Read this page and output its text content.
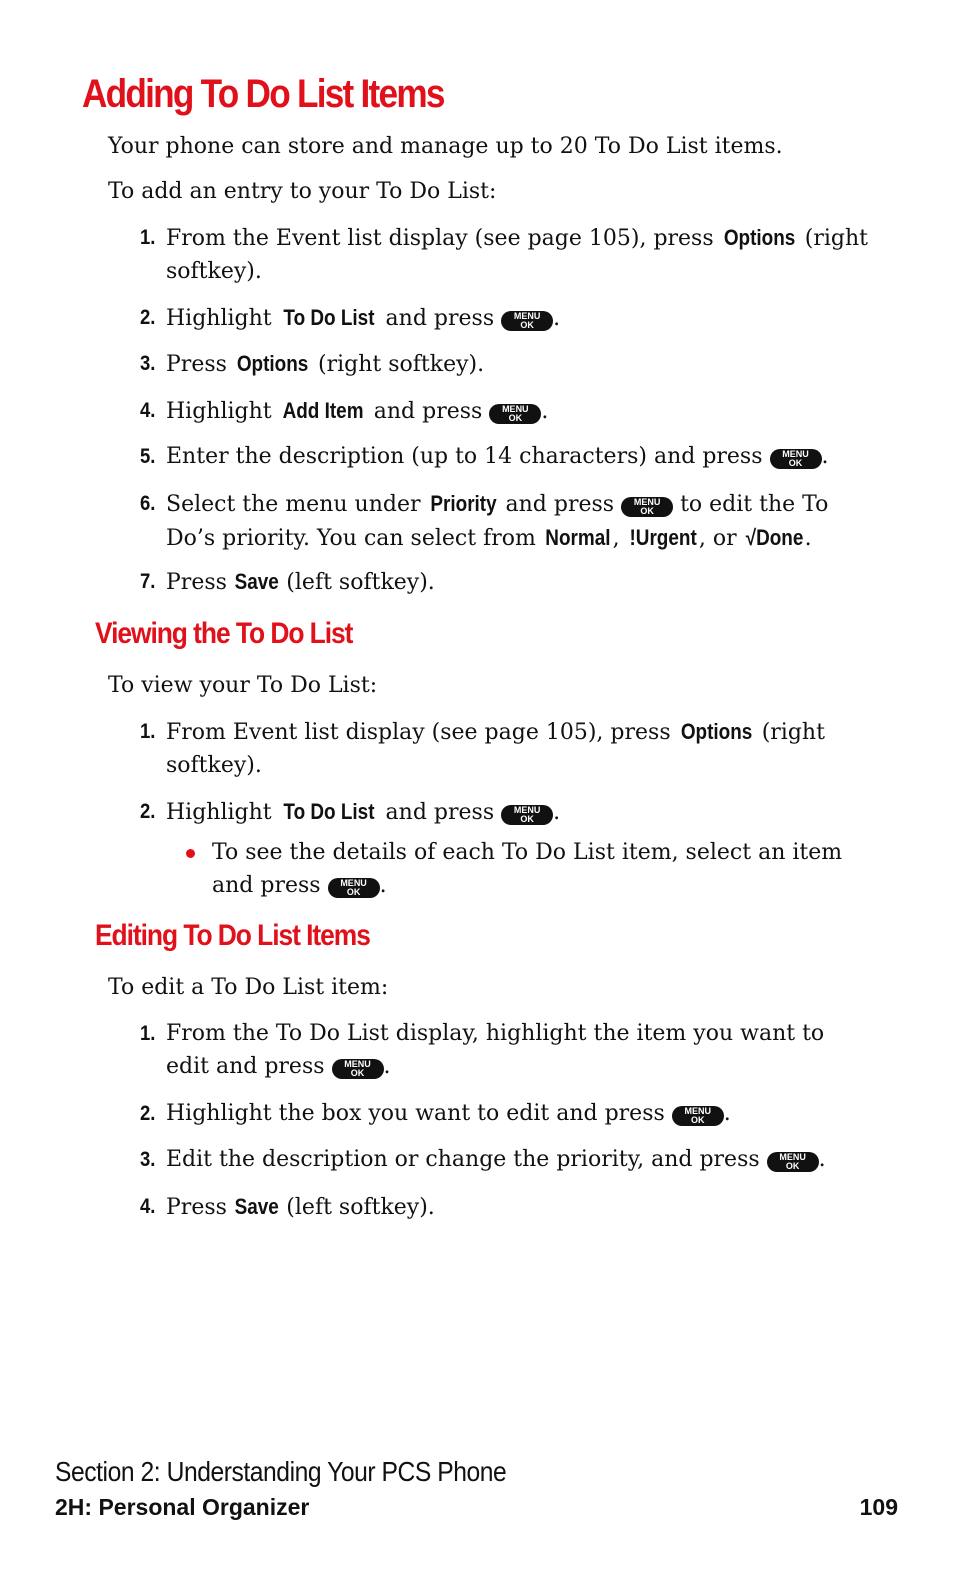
Adding To Do List Items

Your phone can store and manage up to 20 To Do List items.

To add an entry to your To Do List:

1. From the Event list display (see page 105), press Options (right softkey).
2. Highlight To Do List and press	MENU
OK .
3. Press Options (right softkey).
4. Highlight Add Item and press	MENU
OK .
5. Enter the description (up to 14 characters) and press	MENU
OK .
6. Select the menu under Priority and press	MENU
OK to edit the To Do’s priority. You can select from Normal , !Urgent , or √Done.
7. Press Save (left softkey).
Viewing the To Do List

To view your To Do List:

1. From Event list display (see page 105), press Options (right softkey).
2. Highlight To Do List and press	MENU
OK .
To see the details of each To Do List item, select an item and press	MENU
OK .
Editing To Do List Items

To edit a To Do List item:

1. From the To Do List display, highlight the item you want to edit and press	MENU
OK .
2. Highlight the box you want to edit and press	MENU
OK .
3. Edit the description or change the priority, and press	MENU
OK .
4. Press Save (left softkey).

Section 2: Understanding Your PCS Phone

2H: Personal Organizer	109
